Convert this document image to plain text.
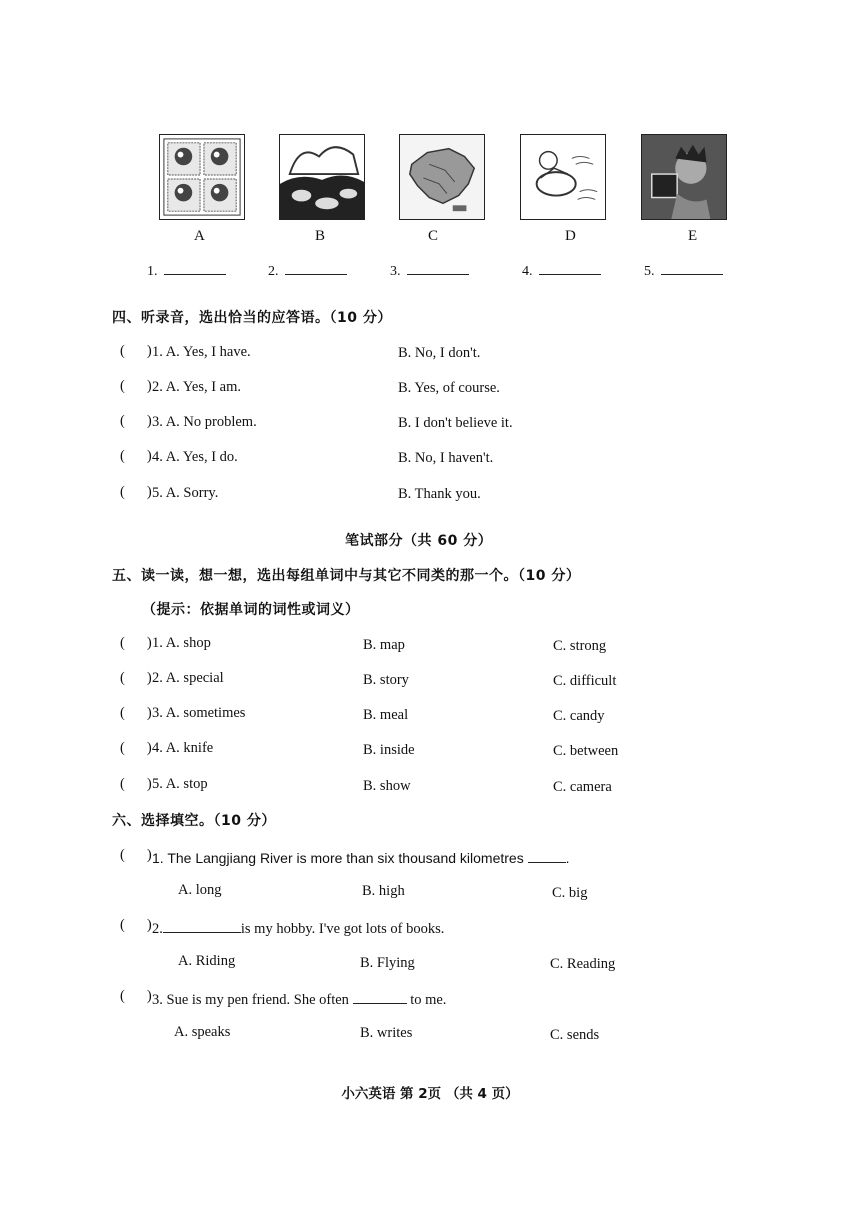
A	B	C	D	E
1.	2.	3.	4.	5.
四、听录音，选出恰当的应答语。（10 分）
( ) 1. A. Yes, I have.	B. No, I don't.
( ) 2. A. Yes, I am.	B. Yes, of course.
( ) 3. A. No problem.	B. I don't believe it.
( ) 4. A. Yes, I do.	B. No, I haven't.
( ) 5. A. Sorry.	B. Thank you.
笔试部分（共 60 分）
五、读一读，想一想，选出每组单词中与其它不同类的那一个。（10 分）
（提示：依据单词的词性或词义）
( ) 1. A. shop	B. map	C. strong
( ) 2. A. special	B. story	C. difficult
( ) 3. A. sometimes	B. meal	C. candy
( ) 4. A. knife	B. inside	C. between
( ) 5. A. stop	B. show	C. camera
六、选择填空。（10 分）
( ) 1. The Langjiang River is more than six thousand kilometres	.
A. long	B. high	C. big
( ) 2.	is my hobby. I've got lots of books.
A. Riding	B. Flying	C. Reading
( ) 3. Sue is my pen friend. She often	to me.
A. speaks	B. writes	C. sends
小六英语 第 2页 （共 4 页）
